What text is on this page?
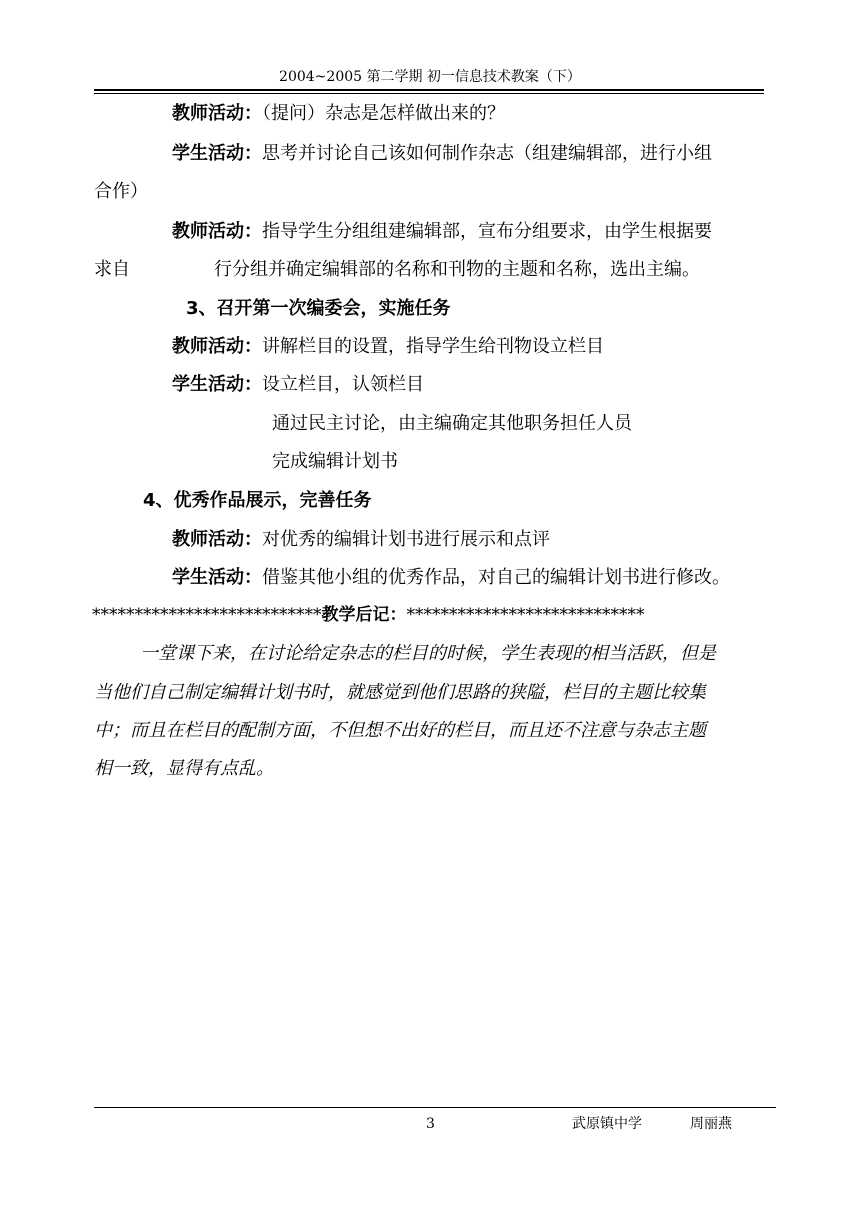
2004~2005 第二学期 初一信息技术教案（下）
教师活动：（提问）杂志是怎样做出来的？
学生活动：思考并讨论自己该如何制作杂志（组建编辑部，进行小组
合作）
教师活动：指导学生分组组建编辑部，宣布分组要求，由学生根据要
求自	行分组并确定编辑部的名称和刊物的主题和名称，选出主编。
3、召开第一次编委会，实施任务
教师活动：讲解栏目的设置，指导学生给刊物设立栏目
学生活动：设立栏目，认领栏目
通过民主讨论，由主编确定其他职务担任人员
完成编辑计划书
4、优秀作品展示，完善任务
教师活动：对优秀的编辑计划书进行展示和点评
学生活动：借鉴其他小组的优秀作品，对自己的编辑计划书进行修改。
***************************教学后记：****************************
一堂课下来，在讨论给定杂志的栏目的时候，学生表现的相当活跃，但是
当他们自己制定编辑计划书时，就感觉到他们思路的狭隘，栏目的主题比较集
中；而且在栏目的配制方面，不但想不出好的栏目，而且还不注意与杂志主题
相一致，显得有点乱。
3	武原镇中学	周丽燕
